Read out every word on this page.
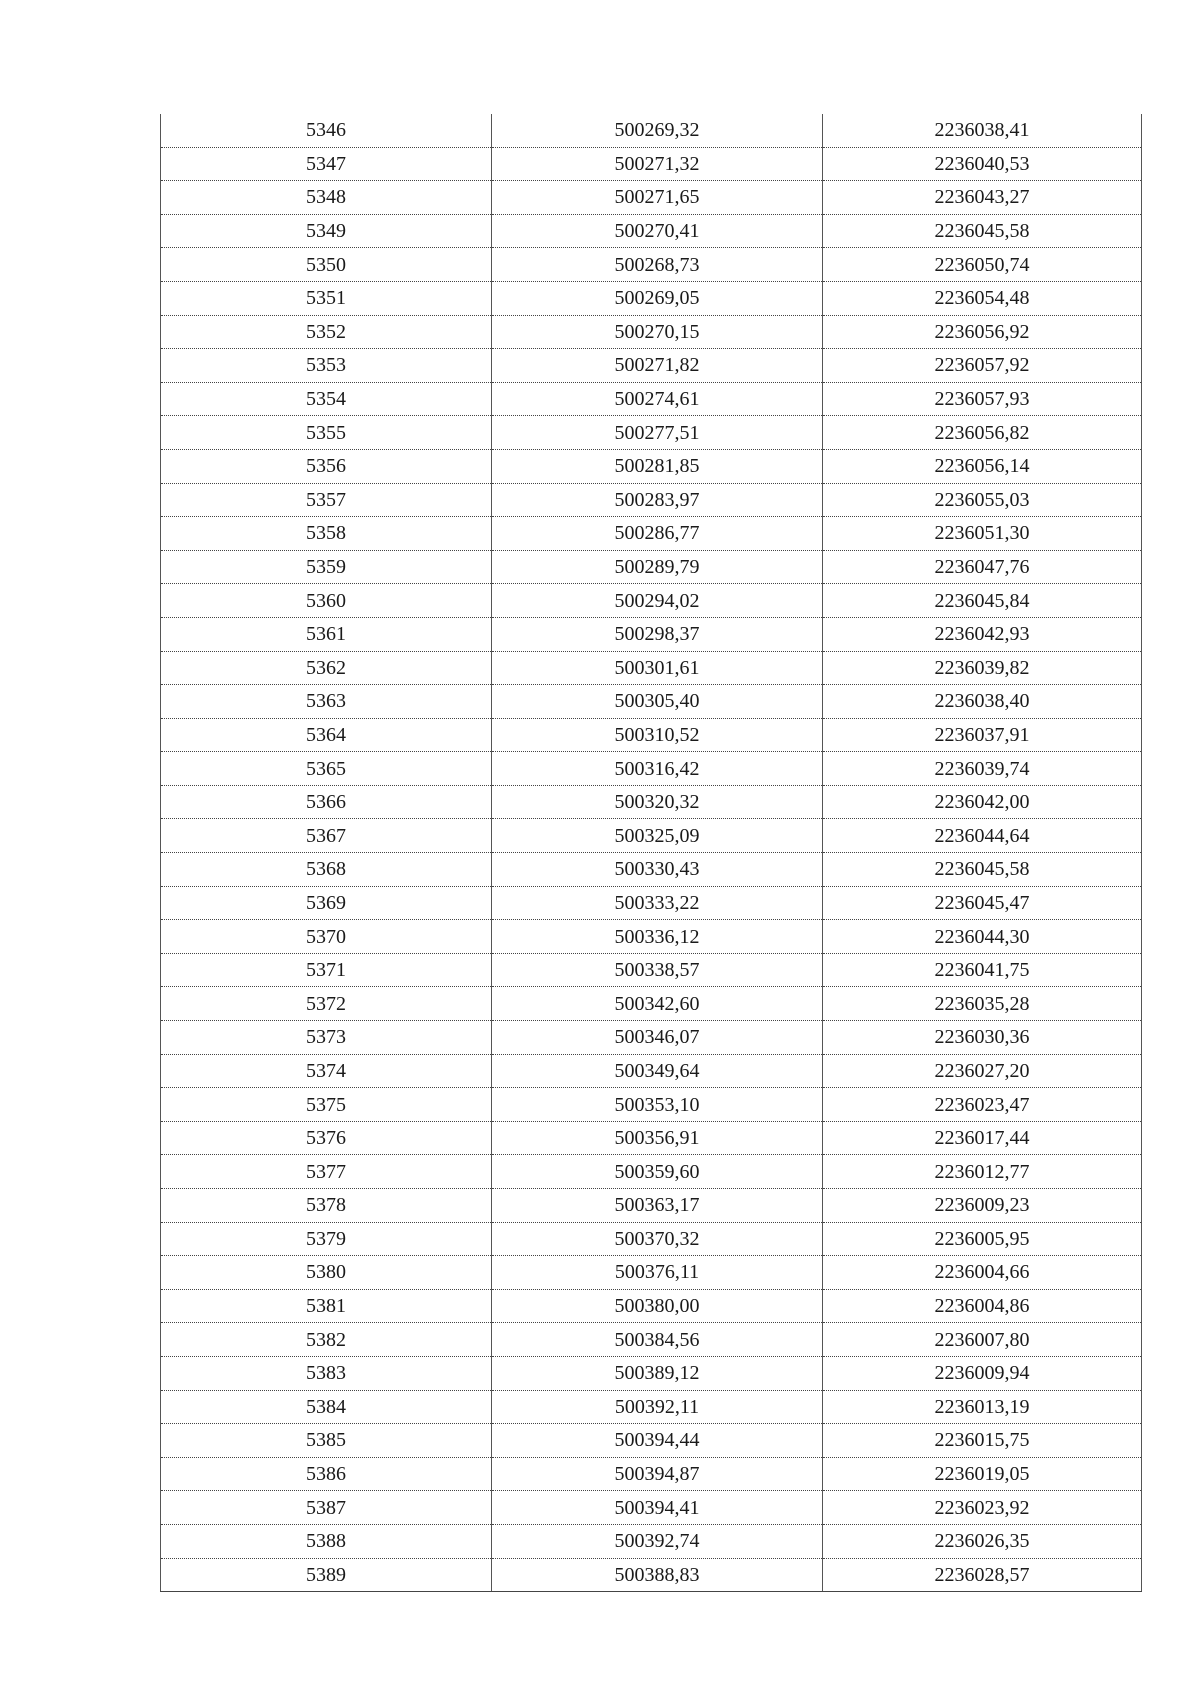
5346	500269,32	2236038,41
5347	500271,32	2236040,53
5348	500271,65	2236043,27
5349	500270,41	2236045,58
5350	500268,73	2236050,74
5351	500269,05	2236054,48
5352	500270,15	2236056,92
5353	500271,82	2236057,92
5354	500274,61	2236057,93
5355	500277,51	2236056,82
5356	500281,85	2236056,14
5357	500283,97	2236055,03
5358	500286,77	2236051,30
5359	500289,79	2236047,76
5360	500294,02	2236045,84
5361	500298,37	2236042,93
5362	500301,61	2236039,82
5363	500305,40	2236038,40
5364	500310,52	2236037,91
5365	500316,42	2236039,74
5366	500320,32	2236042,00
5367	500325,09	2236044,64
5368	500330,43	2236045,58
5369	500333,22	2236045,47
5370	500336,12	2236044,30
5371	500338,57	2236041,75
5372	500342,60	2236035,28
5373	500346,07	2236030,36
5374	500349,64	2236027,20
5375	500353,10	2236023,47
5376	500356,91	2236017,44
5377	500359,60	2236012,77
5378	500363,17	2236009,23
5379	500370,32	2236005,95
5380	500376,11	2236004,66
5381	500380,00	2236004,86
5382	500384,56	2236007,80
5383	500389,12	2236009,94
5384	500392,11	2236013,19
5385	500394,44	2236015,75
5386	500394,87	2236019,05
5387	500394,41	2236023,92
5388	500392,74	2236026,35
5389	500388,83	2236028,57
